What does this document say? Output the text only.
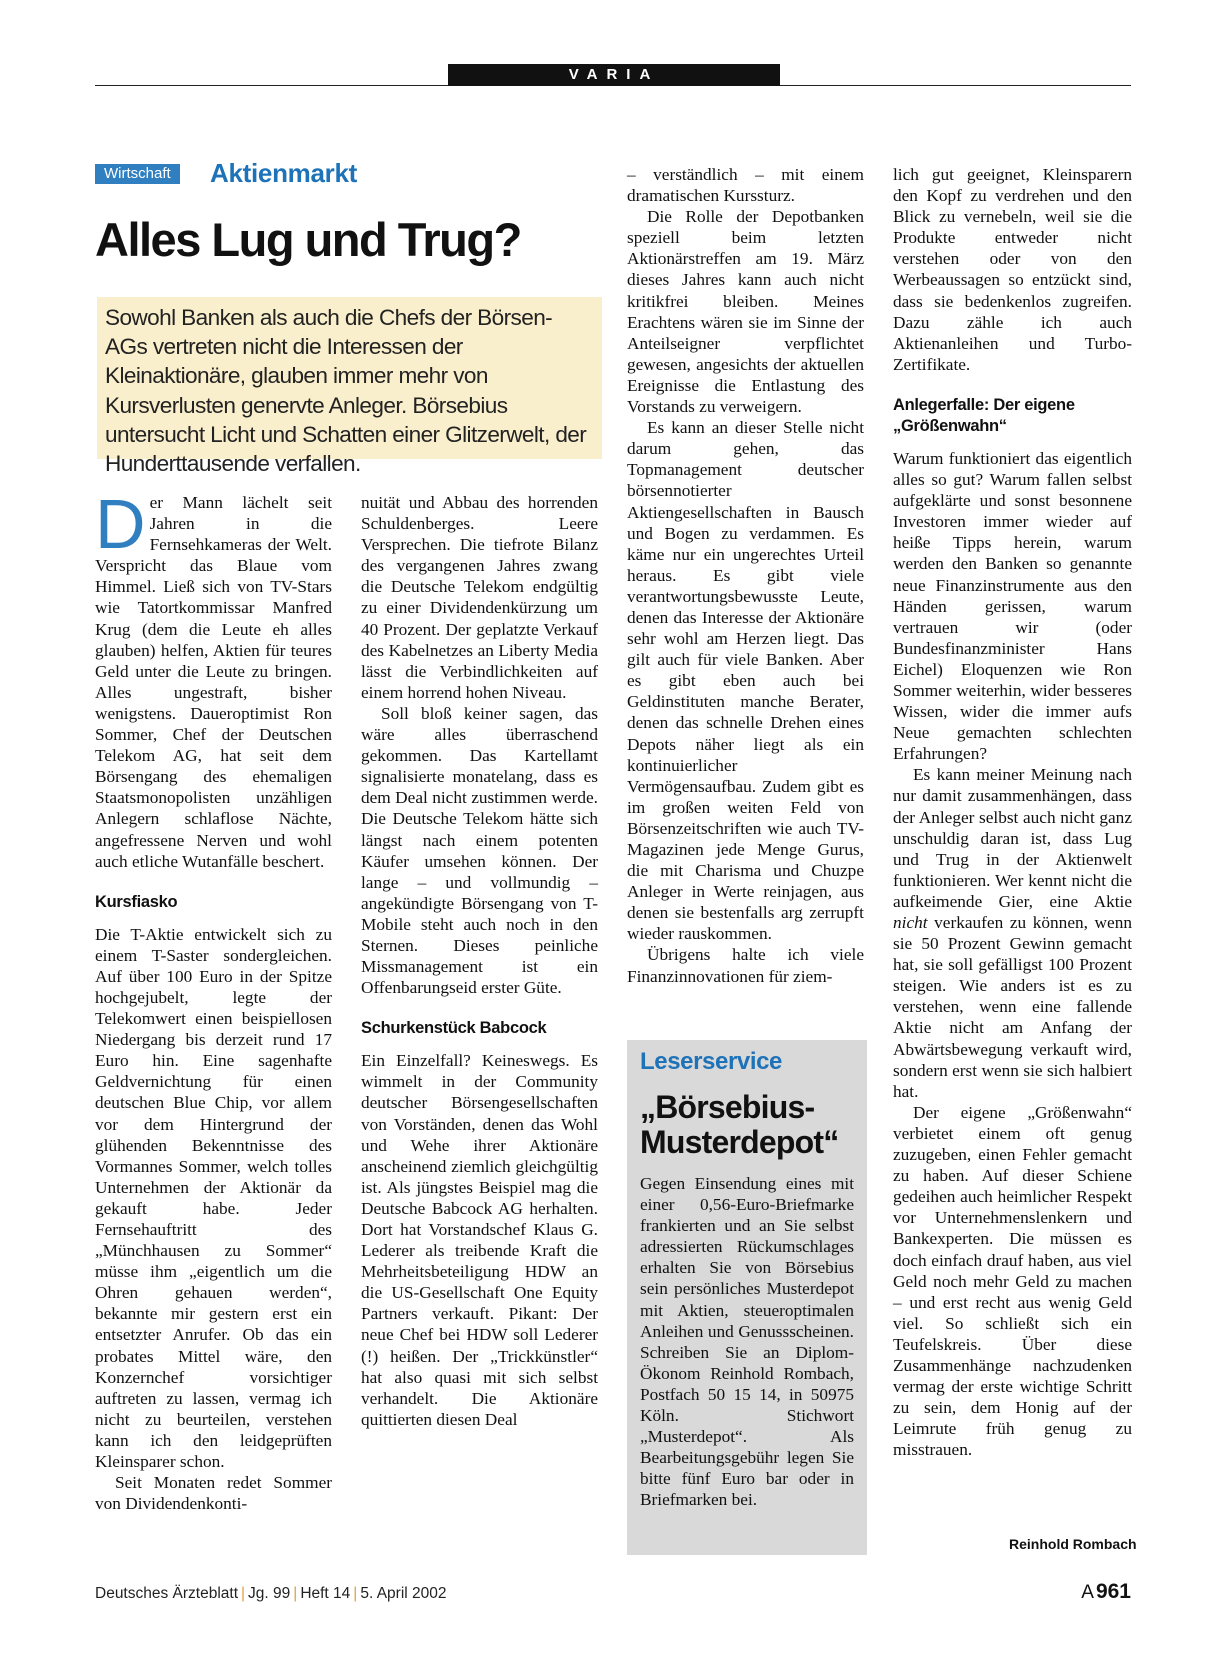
VARIA
Wirtschaft	Aktienmarkt
Alles Lug und Trug?
Sowohl Banken als auch die Chefs der Börsen-AGs vertreten nicht die Interessen der Kleinaktionäre, glauben immer mehr von Kursverlusten genervte Anleger. Börsebius untersucht Licht und Schatten einer Glitzerwelt, der Hunderttausende verfallen.

Der Mann lächelt seit Jahren in die Fernsehkameras der Welt. Verspricht das Blaue vom Himmel. Ließ sich von TV-Stars wie Tatortkommissar Manfred Krug (dem die Leute eh alles glauben) helfen, Aktien für teures Geld unter die Leute zu bringen. Alles ungestraft, bisher wenigstens. Daueroptimist Ron Sommer, Chef der Deutschen Telekom AG, hat seit dem Börsengang des ehemaligen Staatsmonopolisten unzähligen Anlegern schlaflose Nächte, angefressene Nerven und wohl auch etliche Wutanfälle beschert.

Kursfiasko

Die T-Aktie entwickelt sich zu einem T-Saster sondergleichen. Auf über 100 Euro in der Spitze hochgejubelt, legte der Telekomwert einen beispiellosen Niedergang bis derzeit rund 17 Euro hin. Eine sagenhafte Geldvernichtung für einen deutschen Blue Chip, vor allem vor dem Hintergrund der glühenden Bekenntnisse des Vormannes Sommer, welch tolles Unternehmen der Aktionär da gekauft habe. Jeder Fernsehauftritt des „Münchhausen zu Sommer“ müsse ihm „eigentlich um die Ohren gehauen werden“, bekannte mir gestern erst ein entsetzter Anrufer. Ob das ein probates Mittel wäre, den Konzernchef vorsichtiger auftreten zu lassen, vermag ich nicht zu beurteilen, verstehen kann ich den leidgeprüften Kleinsparer schon.

Seit Monaten redet Sommer von Dividendenkonti-

nuität und Abbau des horrenden Schuldenberges. Leere Versprechen. Die tiefrote Bilanz des vergangenen Jahres zwang die Deutsche Telekom endgültig zu einer Dividendenkürzung um 40 Prozent. Der geplatzte Verkauf des Kabelnetzes an Liberty Media lässt die Verbindlichkeiten auf einem horrend hohen Niveau.

Soll bloß keiner sagen, das wäre alles überraschend gekommen. Das Kartellamt signalisierte monatelang, dass es dem Deal nicht zustimmen werde. Die Deutsche Telekom hätte sich längst nach einem potenten Käufer umsehen können. Der lange – und vollmundig – angekündigte Börsengang von T-Mobile steht auch noch in den Sternen. Dieses peinliche Missmanagement ist ein Offenbarungseid erster Güte.

Schurkenstück Babcock

Ein Einzelfall? Keineswegs. Es wimmelt in der Community deutscher Börsengesellschaften von Vorständen, denen das Wohl und Wehe ihrer Aktionäre anscheinend ziemlich gleichgültig ist. Als jüngstes Beispiel mag die Deutsche Babcock AG herhalten. Dort hat Vorstandschef Klaus G. Lederer als treibende Kraft die Mehrheitsbeteiligung HDW an die US-Gesellschaft One Equity Partners verkauft. Pikant: Der neue Chef bei HDW soll Lederer (!) heißen. Der „Trickkünstler“ hat also quasi mit sich selbst verhandelt. Die Aktionäre quittierten diesen Deal

– verständlich – mit einem dramatischen Kurssturz.

Die Rolle der Depotbanken speziell beim letzten Aktionärstreffen am 19. März dieses Jahres kann auch nicht kritikfrei bleiben. Meines Erachtens wären sie im Sinne der Anteilseigner verpflichtet gewesen, angesichts der aktuellen Ereignisse die Entlastung des Vorstands zu verweigern.

Es kann an dieser Stelle nicht darum gehen, das Topmanagement deutscher börsennotierter Aktiengesellschaften in Bausch und Bogen zu verdammen. Es käme nur ein ungerechtes Urteil heraus. Es gibt viele verantwortungsbewusste Leute, denen das Interesse der Aktionäre sehr wohl am Herzen liegt. Das gilt auch für viele Banken. Aber es gibt eben auch bei Geldinstituten manche Berater, denen das schnelle Drehen eines Depots näher liegt als ein kontinuierlicher Vermögensaufbau. Zudem gibt es im großen weiten Feld von Börsenzeitschriften wie auch TV-Magazinen jede Menge Gurus, die mit Charisma und Chuzpe Anleger in Werte reinjagen, aus denen sie bestenfalls arg zerrupft wieder rauskommen.

Übrigens halte ich viele Finanzinnovationen für ziem-

Leserservice
„Börsebius-Musterdepot“
Gegen Einsendung eines mit einer 0,56-Euro-Briefmarke frankierten und an Sie selbst adressierten Rückumschlages erhalten Sie von Börsebius sein persönliches Musterdepot mit Aktien, steueroptimalen Anleihen und Genussscheinen. Schreiben Sie an Diplom-Ökonom Reinhold Rombach, Postfach 50 15 14, in 50975 Köln. Stichwort „Musterdepot“. Als Bearbeitungsgebühr legen Sie bitte fünf Euro bar oder in Briefmarken bei.

lich gut geeignet, Kleinsparern den Kopf zu verdrehen und den Blick zu vernebeln, weil sie die Produkte entweder nicht verstehen oder von den Werbeaussagen so entzückt sind, dass sie bedenkenlos zugreifen. Dazu zähle ich auch Aktienanleihen und Turbo-Zertifikate.

Anlegerfalle: Der eigene „Größenwahn“

Warum funktioniert das eigentlich alles so gut? Warum fallen selbst aufgeklärte und sonst besonnene Investoren immer wieder auf heiße Tipps herein, warum werden den Banken so genannte neue Finanzinstrumente aus den Händen gerissen, warum vertrauen wir (oder Bundesfinanzminister Hans Eichel) Eloquenzen wie Ron Sommer weiterhin, wider besseres Wissen, wider die immer aufs Neue gemachten schlechten Erfahrungen?

Es kann meiner Meinung nach nur damit zusammenhängen, dass der Anleger selbst auch nicht ganz unschuldig daran ist, dass Lug und Trug in der Aktienwelt funktionieren. Wer kennt nicht die aufkeimende Gier, eine Aktie nicht verkaufen zu können, wenn sie 50 Prozent Gewinn gemacht hat, sie soll gefälligst 100 Prozent steigen. Wie anders ist es zu verstehen, wenn eine fallende Aktie nicht am Anfang der Abwärtsbewegung verkauft wird, sondern erst wenn sie sich halbiert hat.

Der eigene „Größenwahn“ verbietet einem oft genug zuzugeben, einen Fehler gemacht zu haben. Auf dieser Schiene gedeihen auch heimlicher Respekt vor Unternehmenslenkern und Bankexperten. Die müssen es doch einfach drauf haben, aus viel Geld noch mehr Geld zu machen – und erst recht aus wenig Geld viel. So schließt sich ein Teufelskreis. Über diese Zusammenhänge nachzudenken vermag der erste wichtige Schritt zu sein, dem Honig auf der Leimrute früh genug zu misstrauen.

Reinhold Rombach
Deutsches Ärzteblatt | Jg. 99 | Heft 14 | 5. April 2002	A961
